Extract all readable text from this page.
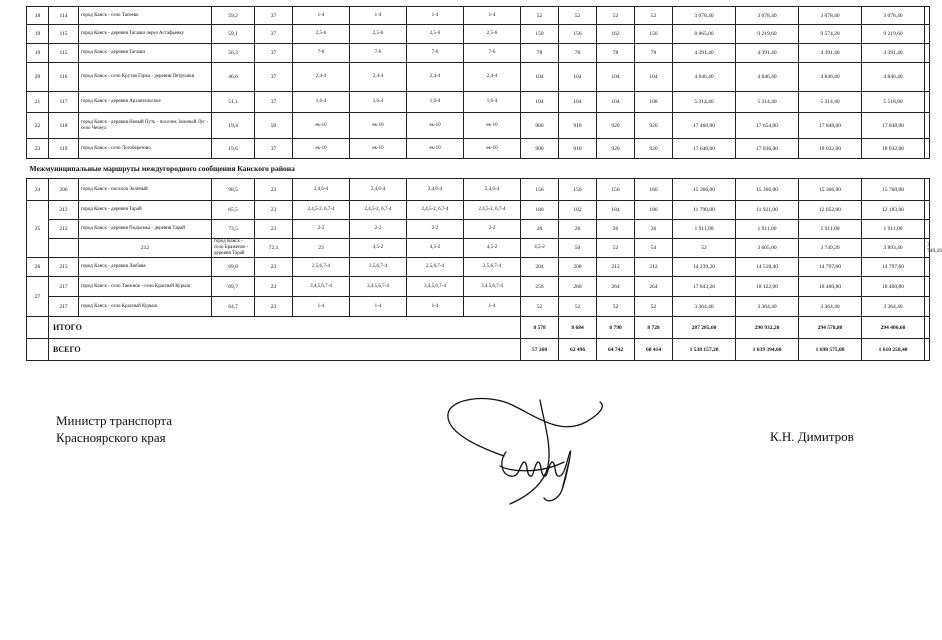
18	114	город Канск - село Тасеево	59,2	37	1-4	1-4	1-4	1-4	52	52	52	52	3 078,40	3 078,40	3 078,40	3 078,40		
19	115	город Канск - деревня Тагаши через Астафьевку	59,1	37	2,5-6	2,5-6	2,5-6	2,5-6	150	156	162	156	8 865,00	9 219,60	9 574,20	9 219,60		
19	115	город Канск - деревня Тагаши	56,3	37	7-6	7-6	7-6	7-6	78	78	78	78	4 391,40	4 391,40	4 391,40	4 391,40		
20	116	город Канск - село Крутая Горка - деревня Петрушки	46,6	37	2,4-4	2,4-4	2,4-4	2,4-4	104	104	104	104	4 846,40	4 846,40	4 846,40	4 846,40		
21	117	город Канск - деревня Архангельское	51,1	37	1,6-4	1,6-4	1,6-4	1,6-4	104	104	104	108	5 314,40	5 314,40	5 314,40	5 518,80		
22	118	город Канск - деревня Новый Путь - поселок Зеленый Луг - село Чечеул	19,4	50	ек-10	ек-10	ек-10	ек-10	900	910	920	920	17 460,00	17 654,00	17 848,00	17 848,00		
23	119	город Канск - село Логоберезово	19,6	37	ек-10	ек-10	ек-10	ек-10	900	910	920	920	17 640,00	17 836,00	18 032,00	18 032,00		
Межмуниципальные маршруты междугородного сообщения Канского района																		
24	206	город Канск - поселок Зеленый	98,5	23	2,4,6-4	2,4,6-4	2,4,6-4	2,4,6-4	156	156	156	160	15 366,00	15 366,00	15 366,00	15 760,00		
25	212	город Канск - деревня Тарай	65,5	23	2,4,5-2, 6,7-4	2,4,5-2, 6,7-4	2,4,5-2, 6,7-4	2,4,5-2, 6,7-4	180	182	184	186	11 790,00	11 921,00	12 052,00	12 183,00		
	212	город Канск - деревня Подъемка - деревня Тарай	73,5	23	2-2	2-2	2-2	2-2	26	26	26	26	1 911,00	1 911,00	1 911,00	1 911,00		
		212	город Канск - село Браженое - деревня Тарай	72,1	23	4,5-2	4,5-2	4,5-2	4,5-2	50	52	54	52	3 605,00	3 749,20	3 893,40	3 749,20	
26	215	город Канск - деревня Любава	69,8	23	2,5,6,7-4	2,5,6,7-4	2,5,6,7-4	2,5,6,7-4	204	208	212	212	14 239,20	14 518,40	14 797,60	14 797,60		
27	217	город Канск - село Таежное - село Красный Курыш	69,7	23	3,4,5,6,7-4	3,4,5,6,7-4	3,4,5,6,7-4	3,4,5,6,7-4	256	260	264	264	17 843,20	18 122,00	18 400,80	18 400,80		
	217	город Канск - село Красный Курыш	64,7	23	1-4	1-4	1-4	1-4	52	52	52	52	3 364,40	3 364,40	3 364,40	3 364,40		
	ИТОГО								8 578	8 684	8 790	8 728	287 285,60	290 932,20	294 578,80	294 406,60		
	ВСЕГО								57 268	62 496	64 742	60 414	1 538 157,20	1 639 394,60	1 698 575,00	1 610 258,40		
Министр транспорта
Красноярского края	К.Н. Димитров
